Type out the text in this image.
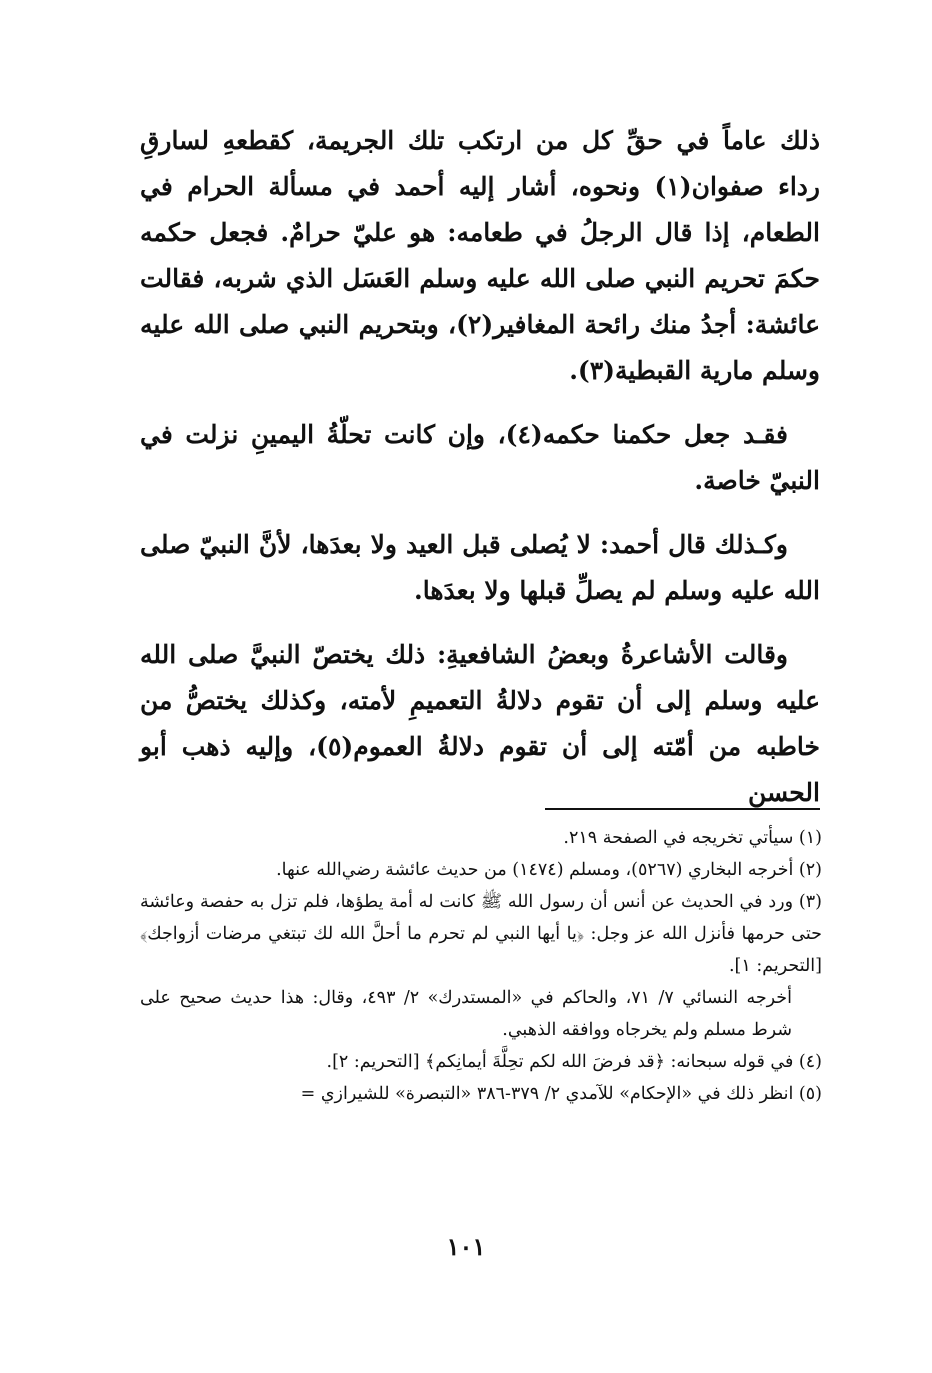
ذلك عاماً في حقِّ كل من ارتكب تلك الجريمة، كقطعهِ لسارقِ رداء صفوان(١) ونحوه، أشار إليه أحمد في مسألة الحرام في الطعام، إذا قال الرجلُ في طعامه: هو عليّ حرامٌ. فجعل حكمه حكمَ تحريم النبي صلى الله عليه وسلم العَسَل الذي شربه، فقالت عائشة: أجدُ منك رائحة المغافير(٢)، وبتحريم النبي صلى الله عليه وسلم مارية القبطية(٣).

فقـد جعل حكمنا حكمه(٤)، وإن كانت تحلّةُ اليمينِ نزلت في النبيّ خاصة.

وكـذلك قال أحمد: لا يُصلى قبل العيد ولا بعدَها، لأنَّ النبيّ صلى الله عليه وسلم لم يصلِّ قبلها ولا بعدَها.

وقالت الأشاعرةُ وبعضُ الشافعيةِ: ذلك يختصّ النبيَّ صلى الله عليه وسلم إلى أن تقوم دلالةُ التعميمِ لأمته، وكذلك يختصُّ من خاطبه من أمّته إلى أن تقوم دلالةُ العموم(٥)، وإليه ذهب أبو الحسن

(١) سيأتي تخريجه في الصفحة ٢١٩.

(٢) أخرجه البخاري (٥٢٦٧)، ومسلم (١٤٧٤) من حديث عائشة رضي‌الله عنها.

(٣) ورد في الحديث عن أنس أن رسول الله ﷺ كانت له أمة يطؤها، فلم تزل به حفصة وعائشة حتى حرمها فأنزل الله عز وجل: ﴿يا أيها النبي لم تحرم ما أحلَّ الله لك تبتغي مرضات أزواجك﴾ [التحريم: ١].
أخرجه النسائي ٧/ ٧١، والحاكم في «المستدرك» ٢/ ٤٩٣، وقال: هذا حديث صحيح على شرط مسلم ولم يخرجاه ووافقه الذهبي.

(٤) في قوله سبحانه: ﴿قد فرضَ الله لكم تحِلَّةَ أيمانِكم﴾ [التحريم: ٢].

(٥) انظر ذلك في «الإحكام» للآمدي ٢/ ٣٧٩-٣٨٦ «التبصرة» للشيرازي =

١٠١
